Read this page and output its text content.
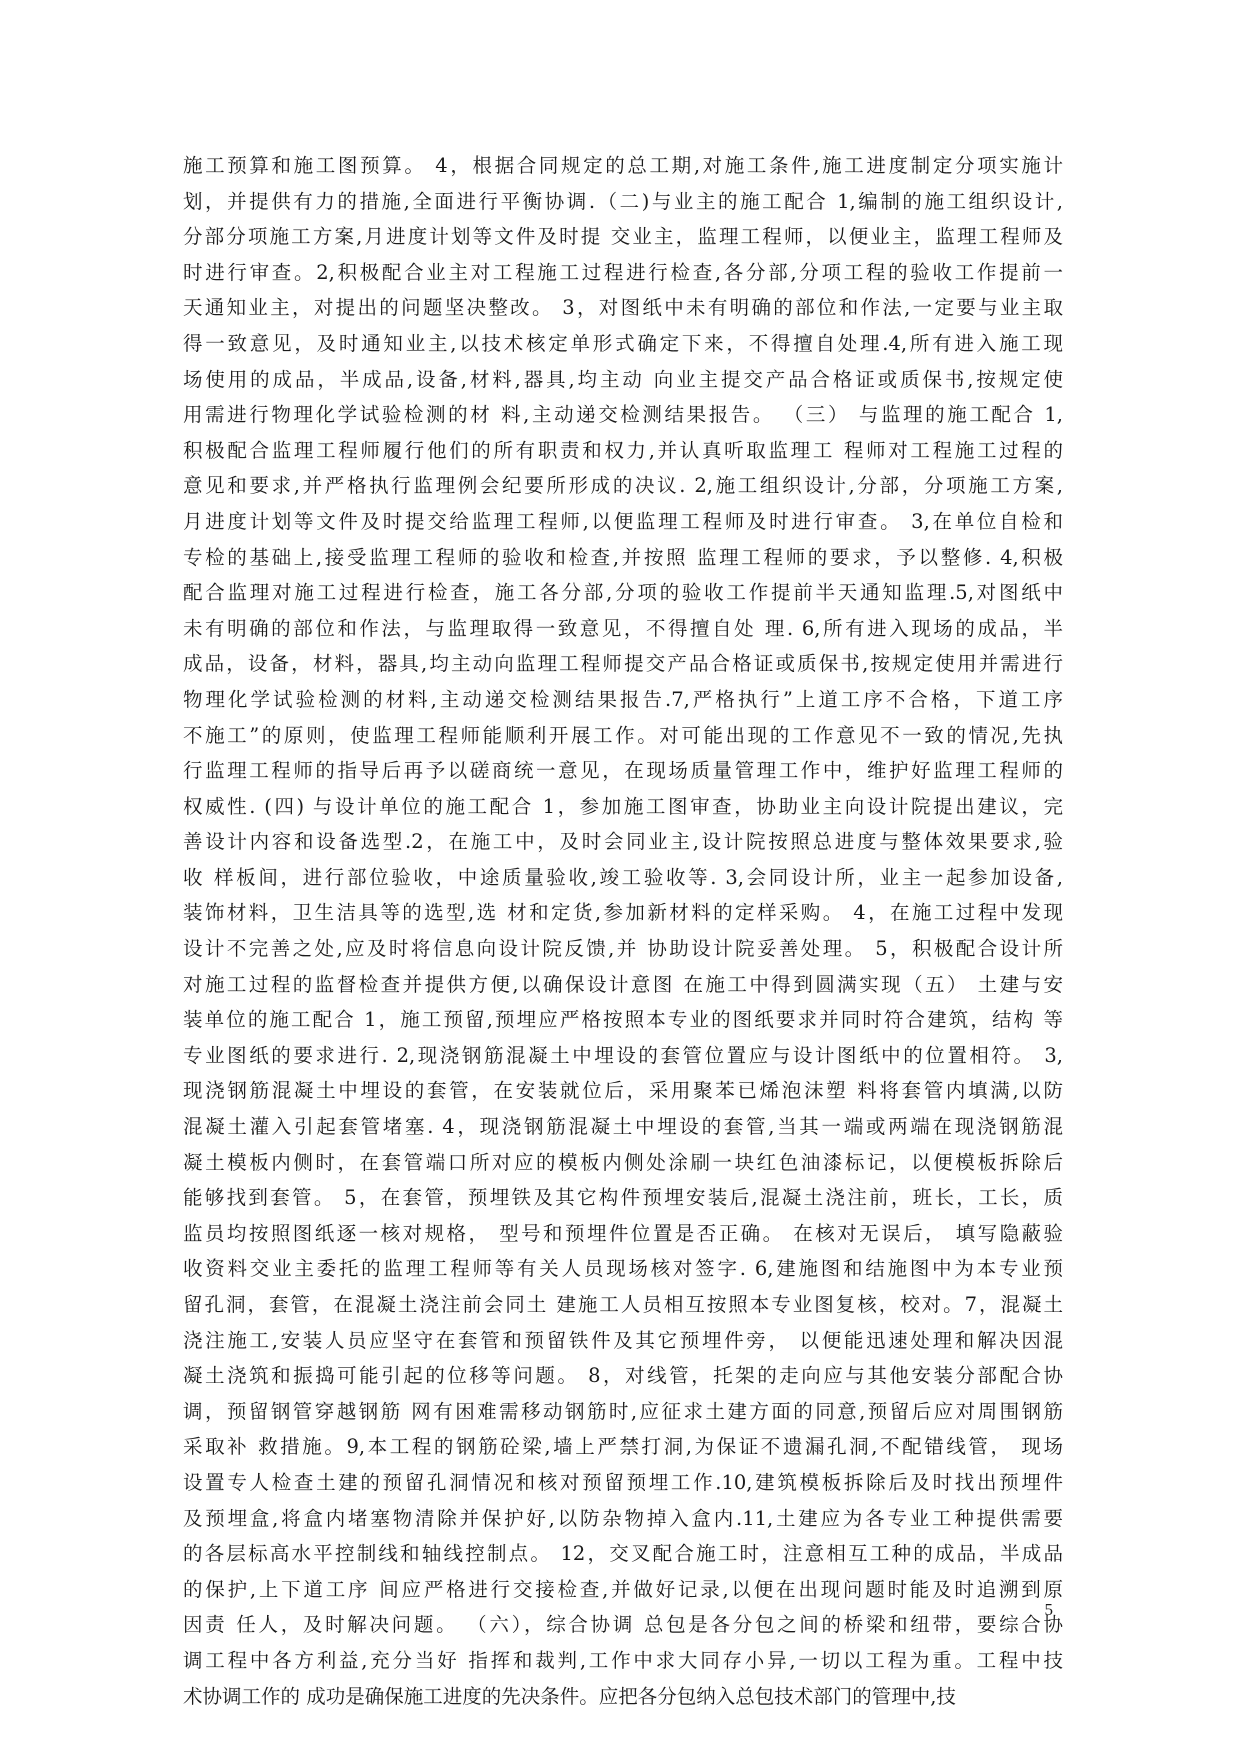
施工预算和施工图预算。 4，根据合同规定的总工期,对施工条件,施工进度制定分项实施计
划，并提供有力的措施,全面进行平衡协调.（二)与业主的施工配合 1,编制的施工组织设计,
分部分项施工方案,月进度计划等文件及时提 交业主，监理工程师，以便业主，监理工程师及
时进行审查。2,积极配合业主对工程施工过程进行检查,各分部,分项工程的验收工作提前一
天通知业主，对提出的问题坚决整改。 3，对图纸中未有明确的部位和作法,一定要与业主取
得一致意见，及时通知业主,以技术核定单形式确定下来，不得擅自处理.4,所有进入施工现
场使用的成品，半成品,设备,材料,器具,均主动 向业主提交产品合格证或质保书,按规定使
用需进行物理化学试验检测的材 料,主动递交检测结果报告。 （三） 与监理的施工配合 1,
积极配合监理工程师履行他们的所有职责和权力,并认真听取监理工 程师对工程施工过程的
意见和要求,并严格执行监理例会纪要所形成的决议. 2,施工组织设计,分部，分项施工方案,
月进度计划等文件及时提交给监理工程师,以便监理工程师及时进行审查。 3,在单位自检和
专检的基础上,接受监理工程师的验收和检查,并按照 监理工程师的要求，予以整修. 4,积极
配合监理对施工过程进行检查，施工各分部,分项的验收工作提前半天通知监理.5,对图纸中
未有明确的部位和作法，与监理取得一致意见，不得擅自处 理. 6,所有进入现场的成品，半
成品，设备，材料，器具,均主动向监理工程师提交产品合格证或质保书,按规定使用并需进行
物理化学试验检测的材料,主动递交检测结果报告.7,严格执行”上道工序不合格，下道工序
不施工”的原则，使监理工程师能顺利开展工作。对可能出现的工作意见不一致的情况,先执
行监理工程师的指导后再予以磋商统一意见，在现场质量管理工作中，维护好监理工程师的
权威性. (四) 与设计单位的施工配合 1，参加施工图审查，协助业主向设计院提出建议，完
善设计内容和设备选型.2，在施工中，及时会同业主,设计院按照总进度与整体效果要求,验
收 样板间，进行部位验收，中途质量验收,竣工验收等. 3,会同设计所，业主一起参加设备,
装饰材料，卫生洁具等的选型,选 材和定货,参加新材料的定样采购。 4，在施工过程中发现
设计不完善之处,应及时将信息向设计院反馈,并 协助设计院妥善处理。 5，积极配合设计所
对施工过程的监督检查并提供方便,以确保设计意图 在施工中得到圆满实现（五） 土建与安
装单位的施工配合 1，施工预留,预埋应严格按照本专业的图纸要求并同时符合建筑，结构 等
专业图纸的要求进行. 2,现浇钢筋混凝土中埋设的套管位置应与设计图纸中的位置相符。 3,
现浇钢筋混凝土中埋设的套管，在安装就位后，采用聚苯已烯泡沫塑 料将套管内填满,以防
混凝土灌入引起套管堵塞. 4，现浇钢筋混凝土中埋设的套管,当其一端或两端在现浇钢筋混
凝土模板内侧时，在套管端口所对应的模板内侧处涂刷一块红色油漆标记，以便模板拆除后
能够找到套管。 5，在套管，预埋铁及其它构件预埋安装后,混凝土浇注前，班长，工长，质
监员均按照图纸逐一核对规格， 型号和预埋件位置是否正确。 在核对无误后， 填写隐蔽验
收资料交业主委托的监理工程师等有关人员现场核对签字. 6,建施图和结施图中为本专业预
留孔洞，套管，在混凝土浇注前会同土 建施工人员相互按照本专业图复核，校对。7，混凝土
浇注施工,安装人员应坚守在套管和预留铁件及其它预埋件旁， 以便能迅速处理和解决因混
凝土浇筑和振捣可能引起的位移等问题。 8，对线管，托架的走向应与其他安装分部配合协
调，预留钢管穿越钢筋 网有困难需移动钢筋时,应征求土建方面的同意,预留后应对周围钢筋
采取补 救措施。9,本工程的钢筋砼梁,墙上严禁打洞,为保证不遗漏孔洞,不配错线管， 现场
设置专人检查土建的预留孔洞情况和核对预留预埋工作.10,建筑模板拆除后及时找出预埋件
及预埋盒,将盒内堵塞物清除并保护好,以防杂物掉入盒内.11,土建应为各专业工种提供需要
的各层标高水平控制线和轴线控制点。 12，交叉配合施工时，注意相互工种的成品，半成品
的保护,上下道工序 间应严格进行交接检查,并做好记录,以便在出现问题时能及时追溯到原
因责 任人，及时解决问题。 （六），综合协调 总包是各分包之间的桥梁和纽带，要综合协
调工程中各方利益,充分当好 指挥和裁判,工作中求大同存小异,一切以工程为重。工程中技
术协调工作的 成功是确保施工进度的先决条件。应把各分包纳入总包技术部门的管理中,技
5
